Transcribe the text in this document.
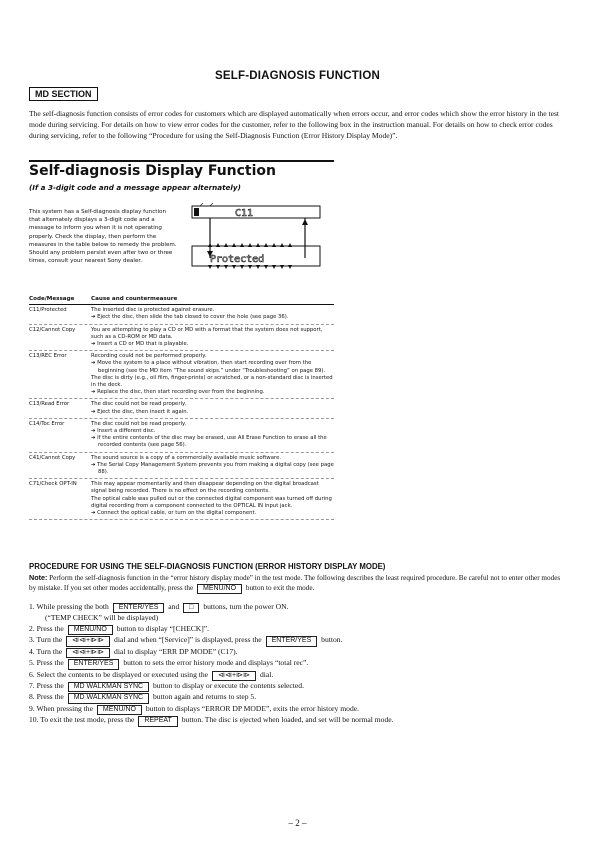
SELF-DIAGNOSIS FUNCTION
MD SECTION
The self-diagnosis function consists of error codes for customers which are displayed automatically when errors occur, and error codes which show the error history in the test mode during servicing. For details on how to view error codes for the customer, refer to the following box in the instruction manual. For details on how to check error codes during servicing, refer to the following “Procedure for using the Self-Diagnosis Function (Error History Display Mode)”.
Self-diagnosis Display Function
(If a 3-digit code and a message appear alternately)
This system has a Self-diagnosis display function that alternately displays a 3-digit code and a message to inform you when it is not operating properly. Check the display, then perform the measures in the table below to remedy the problem. Should any problem persist even after two or three times, consult your nearest Sony dealer.
C11
Protected
Code/Message	Cause and countermeasure
C11/Protected	The inserted disc is protected against erasure.
➔ Eject the disc, then slide the tab closed to cover the hole (see page 36).
C12/Cannot Copy	You are attempting to play a CD or MD with a format that the system does not support, such as a CD-ROM or MD data.
➔ Insert a CD or MD that is playable.
C13/REC Error	Recording could not be performed properly.
➔ Move the system to a place without vibration, then start recording over from the beginning (see the MD item “The sound skips.” under “Troubleshooting” on page 89).
The disc is dirty (e.g., oil film, finger-prints) or scratched, or a non-standard disc is inserted in the deck.
➔ Replace the disc, then start recording over from the beginning.
C13/Read Error	The disc could not be read properly.
➔ Eject the disc, then insert it again.
C14/Toc Error	The disc could not be read properly.
➔ Insert a different disc.
➔ If the entire contents of the disc may be erased, use All Erase Function to erase all the recorded contents (see page 56).
C41/Cannot Copy	The sound source is a copy of a commercially available music software.
➔ The Serial Copy Management System prevents you from making a digital copy (see page 88).
C71/Check OPT-IN	This may appear momentarily and then disappear depending on the digital broadcast signal being recorded. There is no effect on the recording contents.
The optical cable was pulled out or the connected digital component was turned off during digital recording from a component connected to the OPTICAL IN input jack.
➔ Connect the optical cable, or turn on the digital component.
PROCEDURE FOR USING THE SELF-DIAGNOSIS FUNCTION (ERROR HISTORY DISPLAY MODE)
Note: Perform the self-diagnosis function in the “error history display mode” in the test mode. The following describes the least required procedure. Be careful not to enter other modes by mistake. If you set other modes accidentally, press the MENU/NO button to exit the mode.
1. While pressing the both ENTER/YES and □ buttons, turn the power ON.
(“TEMP CHECK” will be displayed)
2. Press the MENU/NO button to display “[CHECK]”.
3. Turn the ⧏⧏+⧐⧐ dial and when “[Service]” is displayed, press the ENTER/YES button.
4. Turn the ⧏⧏+⧐⧐ dial to display “ERR DP MODE” (C17).
5. Press the ENTER/YES button to sets the error history mode and displays “total rec”.
6. Select the contents to be displayed or executed using the ⧏⧏+⧐⧐ dial.
7. Press the MD WALKMAN SYNC button to display or execute the contents selected.
8. Press the MD WALKMAN SYNC button again and returns to step 5.
9. When pressing the MENU/NO button to displays “ERROR DP MODE”, exits the error history mode.
10. To exit the test mode, press the REPEAT button. The disc is ejected when loaded, and set will be normal mode.
– 2 –
